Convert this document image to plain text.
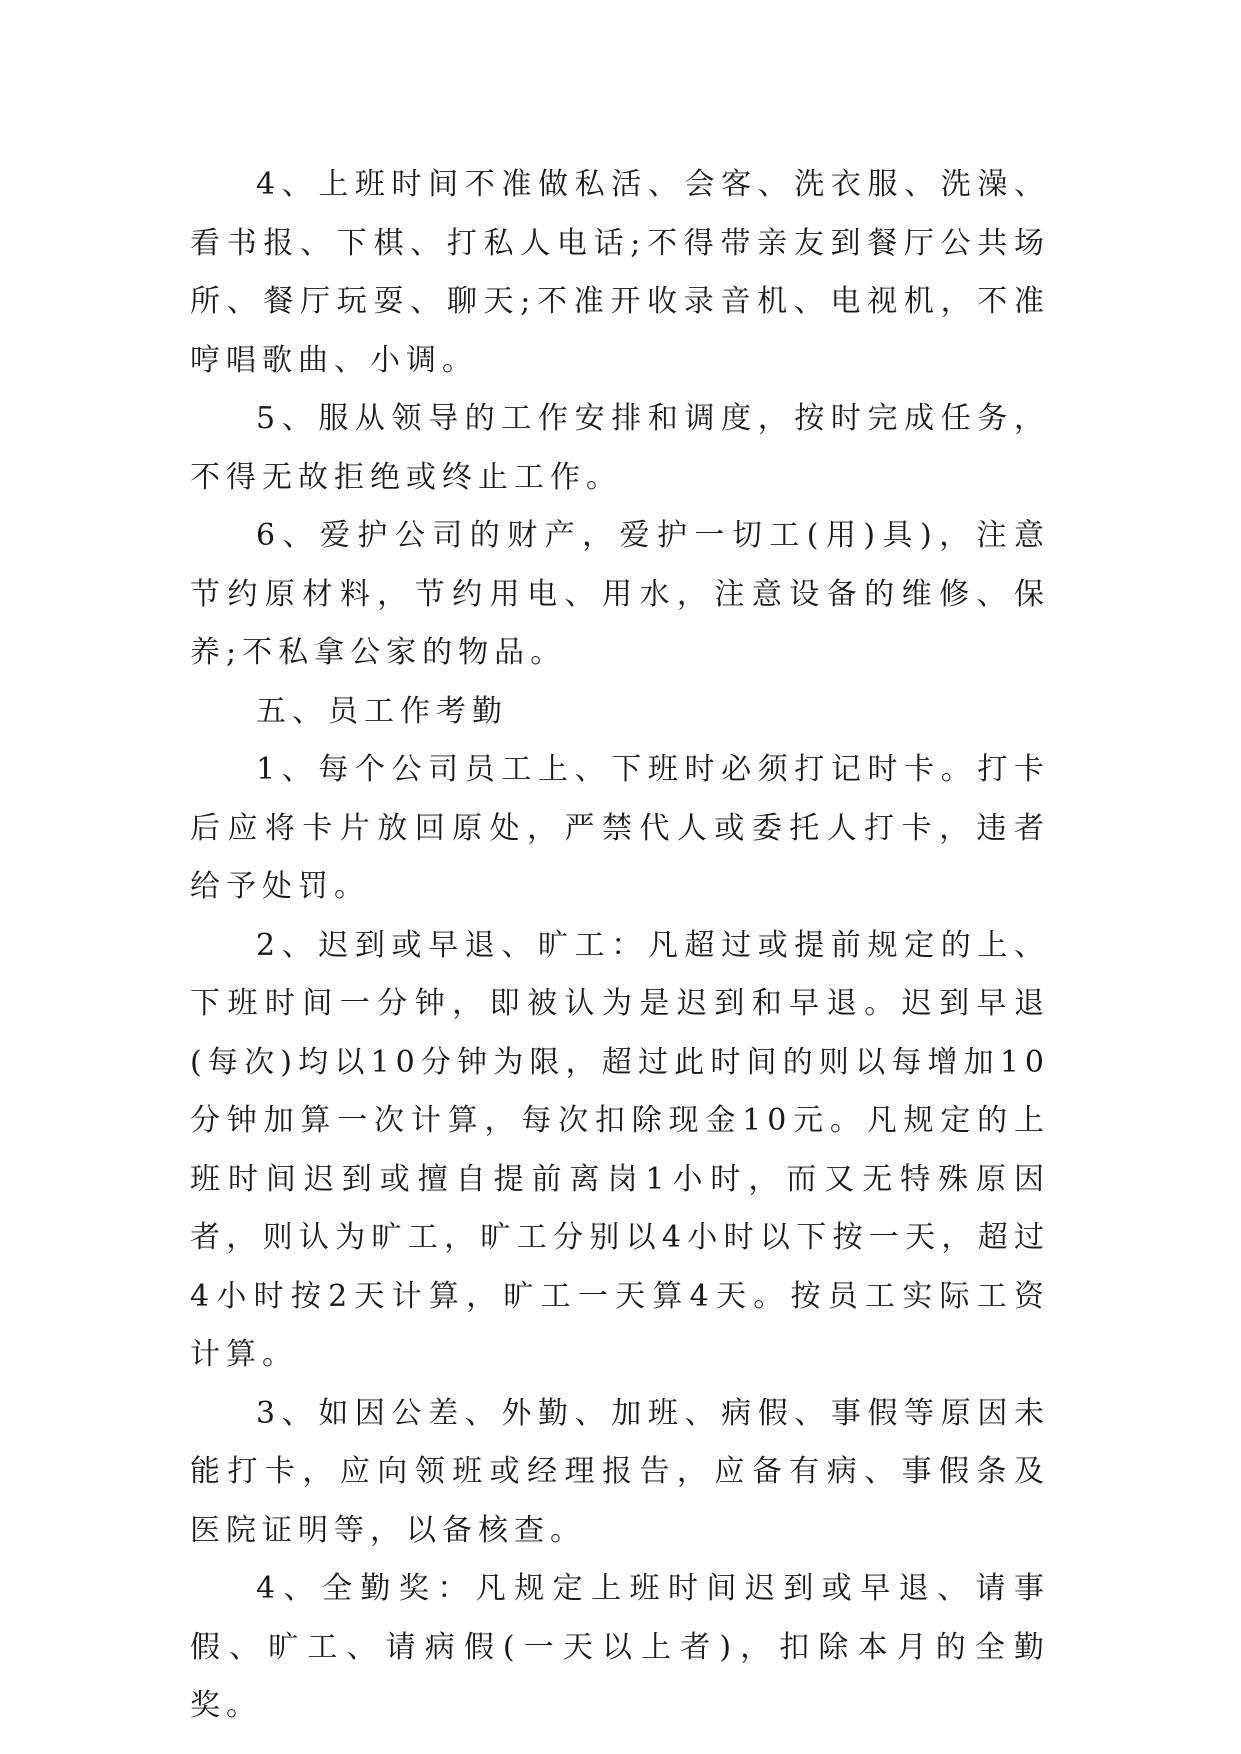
4、上班时间不准做私活、会客、洗衣服、洗澡、看书报、下棋、打私人电话;不得带亲友到餐厅公共场所、餐厅玩耍、聊天;不准开收录音机、电视机，不准哼唱歌曲、小调。

5、服从领导的工作安排和调度，按时完成任务，不得无故拒绝或终止工作。

6、爱护公司的财产，爱护一切工(用)具)，注意节约原材料，节约用电、用水，注意设备的维修、保养;不私拿公家的物品。

五、员工作考勤

1、每个公司员工上、下班时必须打记时卡。打卡后应将卡片放回原处，严禁代人或委托人打卡，违者给予处罚。

2、迟到或早退、旷工：凡超过或提前规定的上、下班时间一分钟，即被认为是迟到和早退。迟到早退(每次)均以10分钟为限，超过此时间的则以每增加10分钟加算一次计算，每次扣除现金10元。凡规定的上班时间迟到或擅自提前离岗1小时，而又无特殊原因者，则认为旷工，旷工分别以4小时以下按一天，超过4小时按2天计算，旷工一天算4天。按员工实际工资计算。

3、如因公差、外勤、加班、病假、事假等原因未能打卡，应向领班或经理报告，应备有病、事假条及医院证明等，以备核查。

4、全勤奖：凡规定上班时间迟到或早退、请事假、旷工、请病假(一天以上者)，扣除本月的全勤奖。
